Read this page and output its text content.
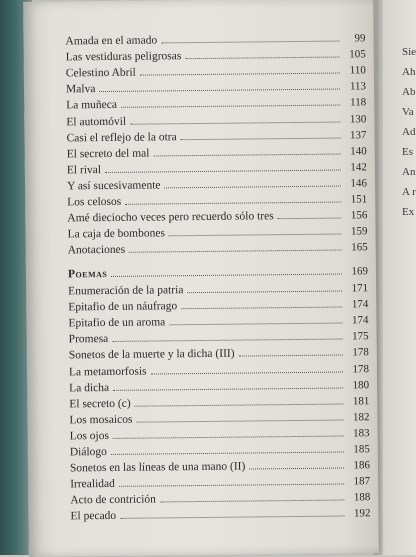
Sie
Ah
Ab
Va
Ad
Es
An
A r
Ex
Amada en el amado	99
Las vestiduras peligrosas	105
Celestino Abril	110
Malva	113
La muñeca	118
El automóvil	130
Casi el reflejo de la otra	137
El secreto del mal	140
El rival	142
Y así sucesivamente	146
Los celosos	151
Amé dieciocho veces pero recuerdo sólo tres	156
La caja de bombones	159
Anotaciones	165
Poemas	169
Enumeración de la patria	171
Epitafio de un náufrago	174
Epitafio de un aroma	174
Promesa	175
Sonetos de la muerte y la dicha (III)	178
La metamorfosis	178
La dicha	180
El secreto (c)	181
Los mosaicos	182
Los ojos	183
Diálogo	185
Sonetos en las líneas de una mano (II)	186
Irrealidad	187
Acto de contrición	188
El pecado	192
